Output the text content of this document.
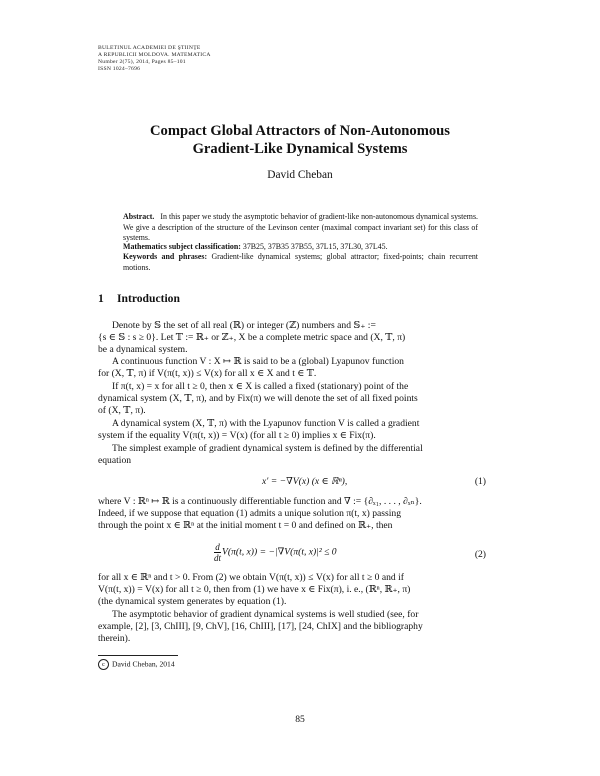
BULETINUL ACADEMIEI DE ŞTIINŢE
A REPUBLICII MOLDOVA. MATEMATICA
Number 2(75), 2014, Pages 85–101
ISSN 1024–7696
Compact Global Attractors of Non-Autonomous
Gradient-Like Dynamical Systems
David Cheban
Abstract. In this paper we study the asymptotic behavior of gradient-like non-autonomous dynamical systems. We give a description of the structure of the Levinson center (maximal compact invariant set) for this class of systems.
Mathematics subject classification: 37B25, 37B35 37B55, 37L15, 37L30, 37L45.
Keywords and phrases: Gradient-like dynamical systems; global attractor; fixed-points; chain recurrent motions.
1 Introduction
Denote by 𝕊 the set of all real (ℝ) or integer (ℤ) numbers and 𝕊₊ :=
{s ∈ 𝕊 : s ≥ 0}. Let 𝕋 := ℝ₊ or ℤ₊, X be a complete metric space and (X, 𝕋, π)
be a dynamical system.
A continuous function V : X ↦ ℝ is said to be a (global) Lyapunov function
for (X, 𝕋, π) if V(π(t, x)) ≤ V(x) for all x ∈ X and t ∈ 𝕋.
If π(t, x) = x for all t ≥ 0, then x ∈ X is called a fixed (stationary) point of the
dynamical system (X, 𝕋, π), and by Fix(π) we will denote the set of all fixed points
of (X, 𝕋, π).
A dynamical system (X, 𝕋, π) with the Lyapunov function V is called a gradient
system if the equality V(π(t, x)) = V(x) (for all t ≥ 0) implies x ∈ Fix(π).
The simplest example of gradient dynamical system is defined by the differential
equation
x′ = −∇V(x) (x ∈ ℝⁿ),	(1)
where V : ℝⁿ ↦ ℝ is a continuously differentiable function and ∇ := {∂ₓ₁, . . . , ∂ₓₙ}.
Indeed, if we suppose that equation (1) admits a unique solution π(t, x) passing
through the point x ∈ ℝⁿ at the initial moment t = 0 and defined on ℝ₊, then
$\frac{d}{dt} V(\pi(t$, x)) = −|∇V(π(t, x)|² ≤ 0	(2)
for all x ∈ ℝⁿ and t > 0. From (2) we obtain V(π(t, x)) ≤ V(x) for all t ≥ 0 and if
V(π(t, x)) = V(x) for all t ≥ 0, then from (1) we have x ∈ Fix(π), i. e., (ℝⁿ, ℝ₊, π)
(the dynamical system generates by equation (1).
The asymptotic behavior of gradient dynamical systems is well studied (see, for
example, [2], [3, ChIII], [9, ChV], [16, ChIII], [17], [24, ChIX] and the bibliography
therein).
c David Cheban, 2014
85
